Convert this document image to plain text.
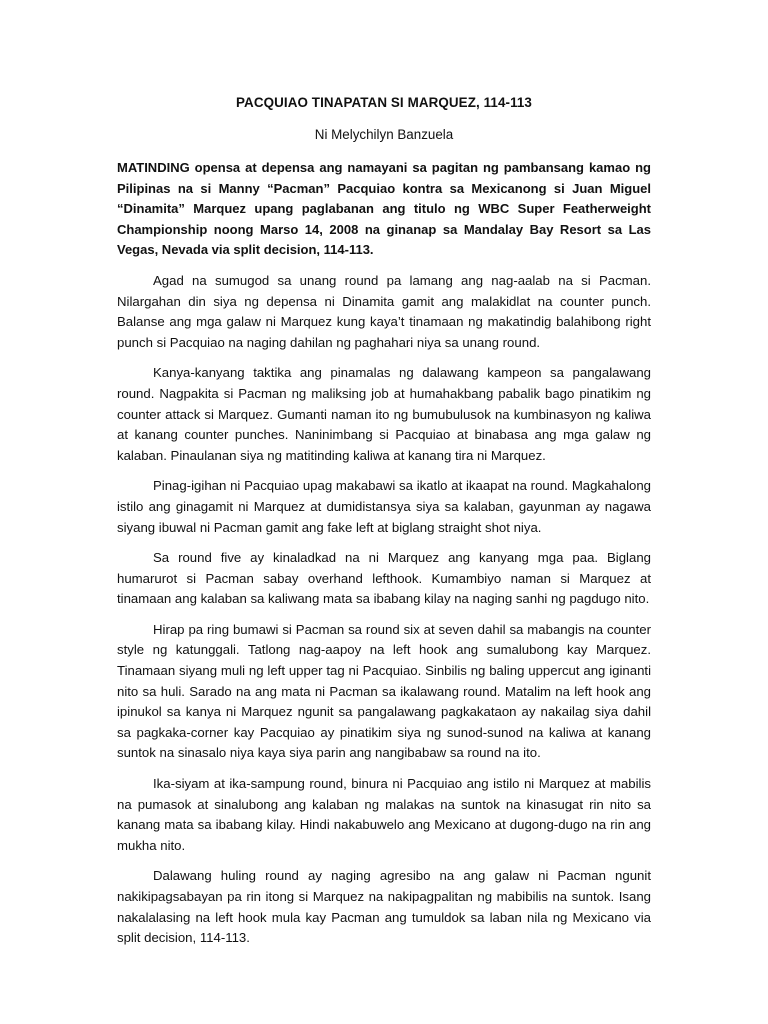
PACQUIAO TINAPATAN SI MARQUEZ, 114-113
Ni Melychilyn Banzuela

MATINDING opensa at depensa ang namayani sa pagitan ng pambansang kamao ng Pilipinas na si Manny “Pacman” Pacquiao kontra sa Mexicanong si Juan Miguel “Dinamita” Marquez upang paglabanan ang titulo ng WBC Super Featherweight Championship noong Marso 14, 2008 na ginanap sa Mandalay Bay Resort sa Las Vegas, Nevada via split decision, 114-113.

Agad na sumugod sa unang round pa lamang ang nag-aalab na si Pacman. Nilargahan din siya ng depensa ni Dinamita gamit ang malakidlat na counter punch. Balanse ang mga galaw ni Marquez kung kaya’t tinamaan ng makatindig balahibong right punch si Pacquiao na naging dahilan ng paghahari niya sa unang round.

Kanya-kanyang taktika ang pinamalas ng dalawang kampeon sa pangalawang round. Nagpakita si Pacman ng maliksing job at humahakbang pabalik bago pinatikim ng counter attack si Marquez. Gumanti naman ito ng bumubulusok na kumbinasyon ng kaliwa at kanang counter punches. Naninimbang si Pacquiao at binabasa ang mga galaw ng kalaban. Pinaulanan siya ng matitinding kaliwa at kanang tira ni Marquez.

Pinag-igihan ni Pacquiao upag makabawi sa ikatlo at ikaapat na round. Magkahalong istilo ang ginagamit ni Marquez at dumidistansya siya sa kalaban, gayunman ay nagawa siyang ibuwal ni Pacman gamit ang fake left at biglang straight shot niya.

Sa round five ay kinaladkad na ni Marquez ang kanyang mga paa. Biglang humarurot si Pacman sabay overhand lefthook. Kumambiyo naman si Marquez at tinamaan ang kalaban sa kaliwang mata sa ibabang kilay na naging sanhi ng pagdugo nito.

Hirap pa ring bumawi si Pacman sa round six at seven dahil sa mabangis na counter style ng katunggali. Tatlong nag-aapoy na left hook ang sumalubong kay Marquez. Tinamaan siyang muli ng left upper tag ni Pacquiao. Sinbilis ng baling uppercut ang iginanti nito sa huli. Sarado na ang mata ni Pacman sa ikalawang round. Matalim na left hook ang ipinukol sa kanya ni Marquez ngunit sa pangalawang pagkakataon ay nakailag siya dahil sa pagkaka-corner kay Pacquiao ay pinatikim siya ng sunod-sunod na kaliwa at kanang suntok na sinasalo niya kaya siya parin ang nangibabaw sa round na ito.

Ika-siyam at ika-sampung round, binura ni Pacquiao ang istilo ni Marquez at mabilis na pumasok at sinalubong ang kalaban ng malakas na suntok na kinasugat rin nito sa kanang mata sa ibabang kilay. Hindi nakabuwelo ang Mexicano at dugong-dugo na rin ang mukha nito.

Dalawang huling round ay naging agresibo na ang galaw ni Pacman ngunit nakikipagsabayan pa rin itong si Marquez na nakipagpalitan ng mabibilis na suntok. Isang nakalalasing na left hook mula kay Pacman ang tumuldok sa laban nila ng Mexicano via split decision, 114-113.
